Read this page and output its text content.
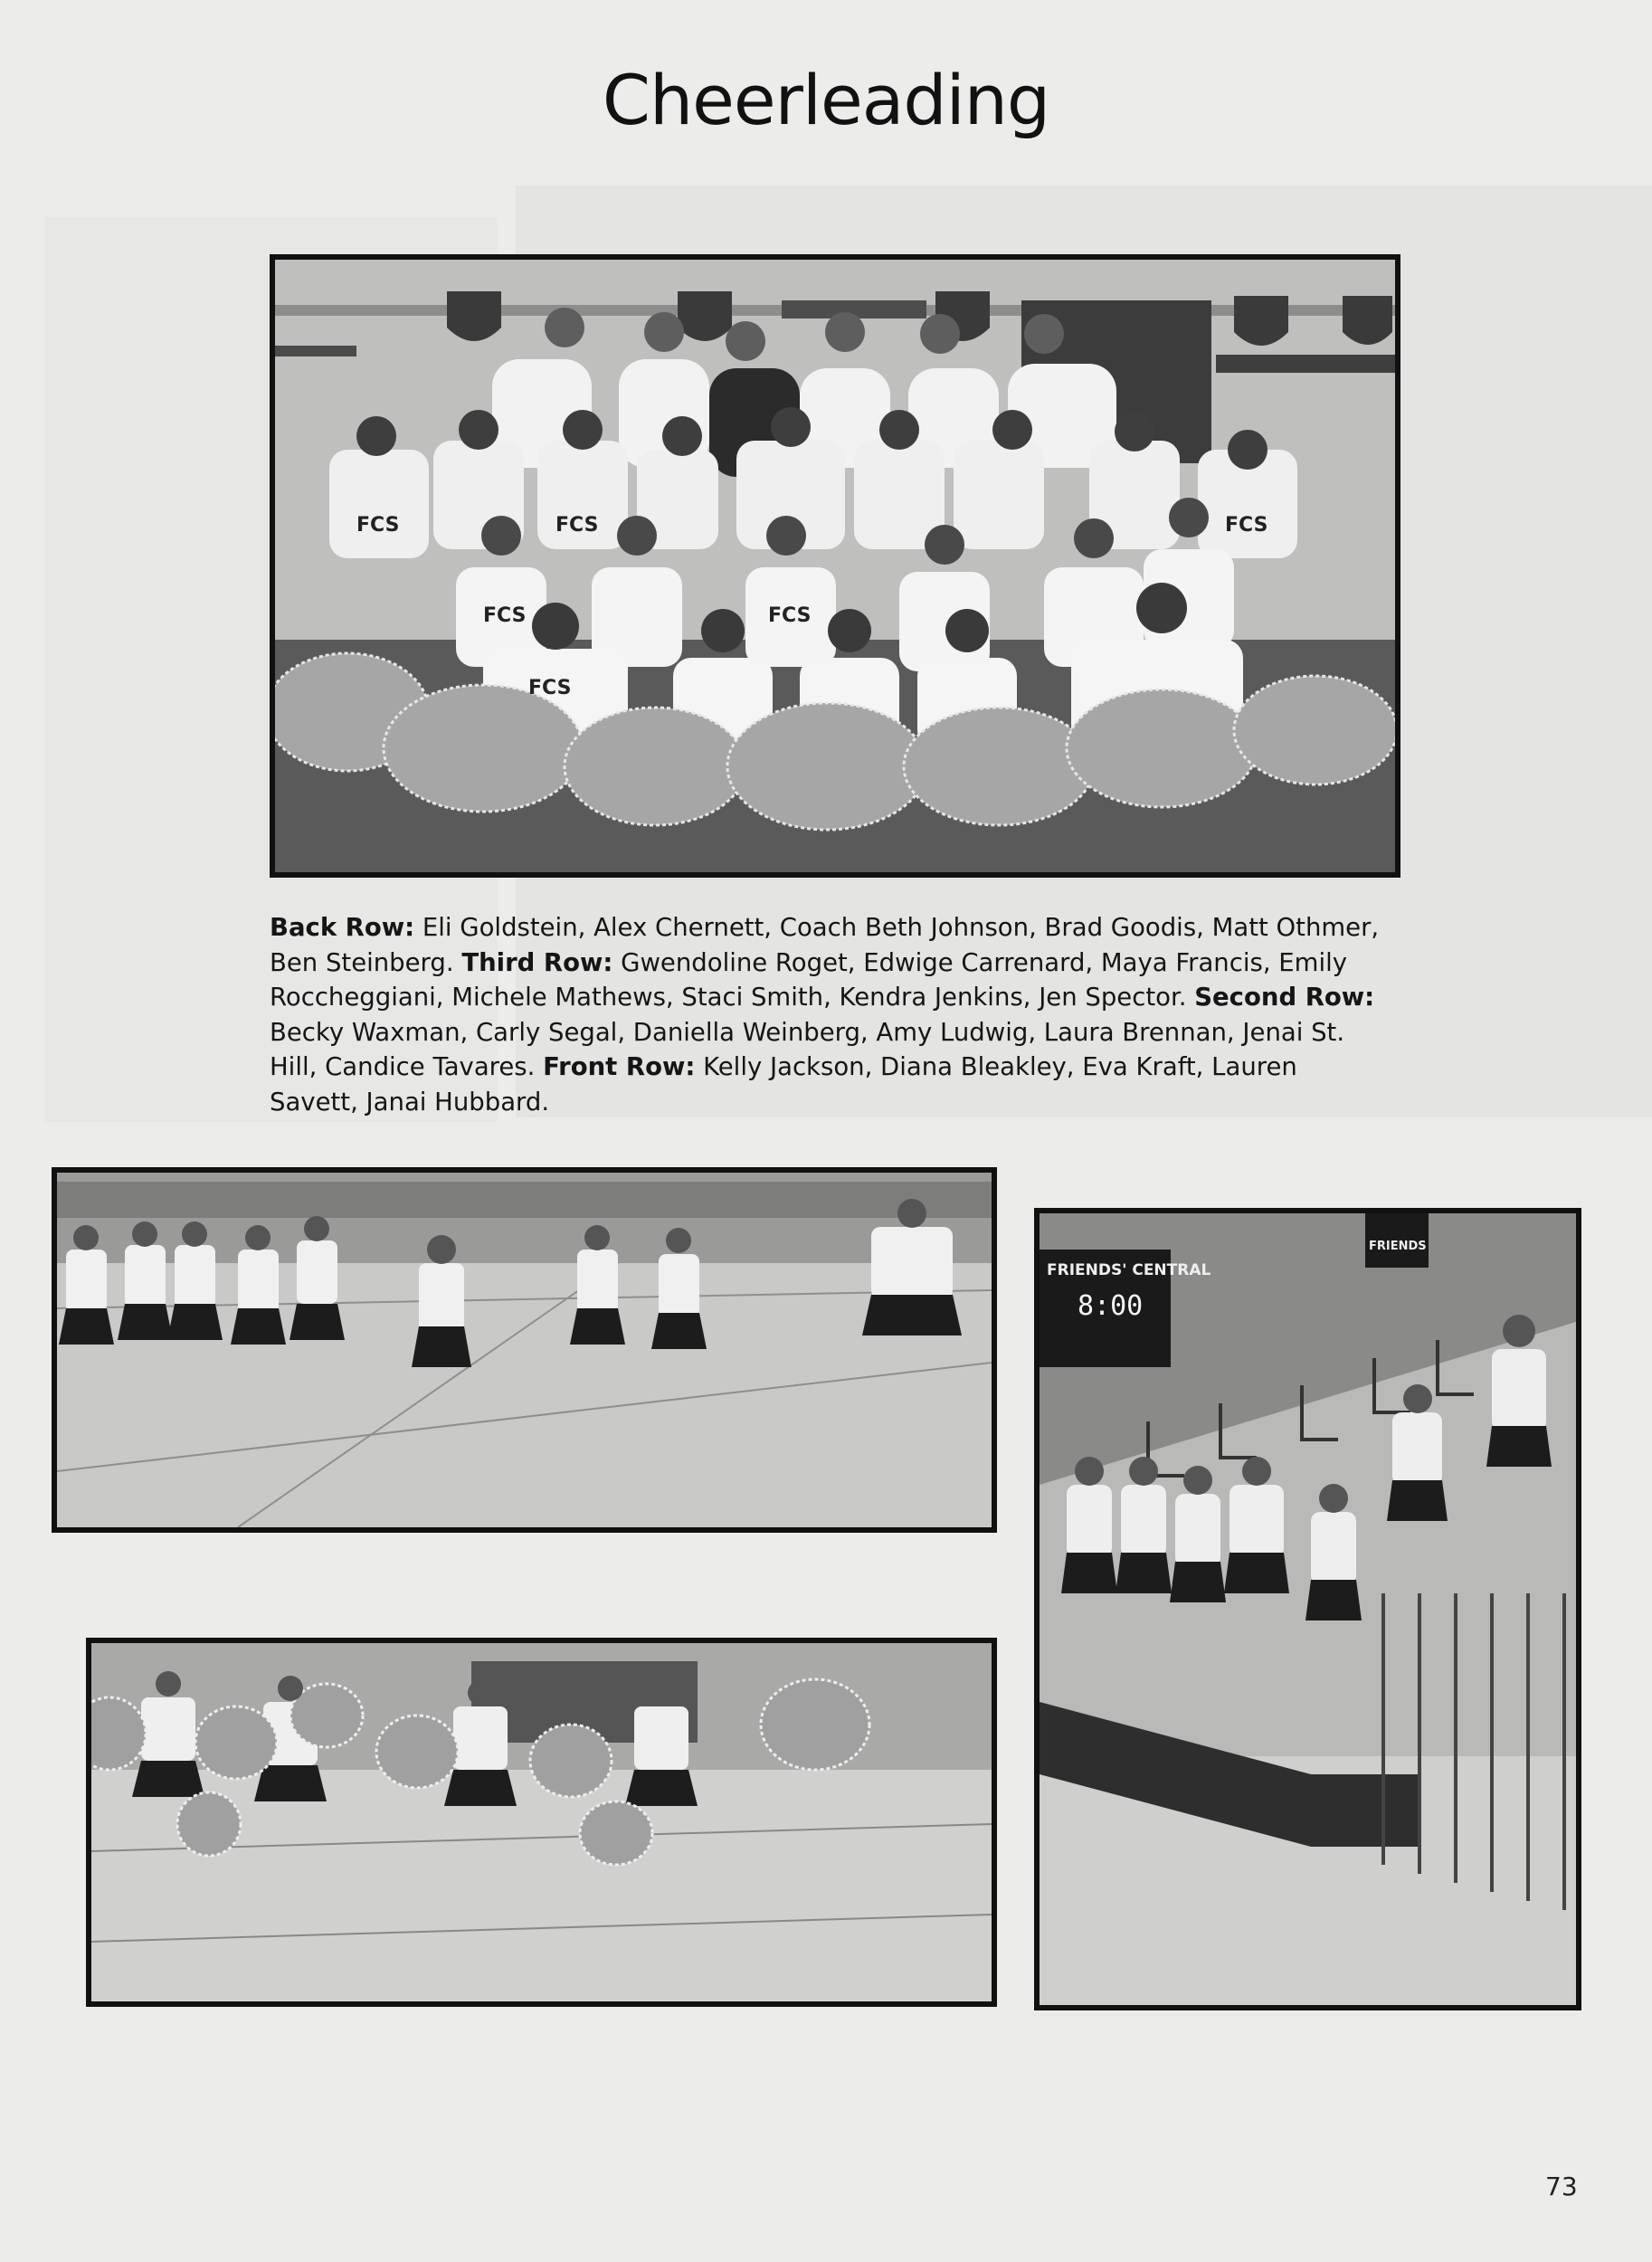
Cheerleading
FCS	FCS
FCS	FCS
FCS
FCS
Back Row: Eli Goldstein, Alex Chernett, Coach Beth Johnson, Brad Goodis, Matt Othmer, Ben Steinberg. Third Row: Gwendoline Roget, Edwige Carrenard, Maya Francis, Emily Roccheggiani, Michele Mathews, Staci Smith, Kendra Jenkins, Jen Spector. Second Row: Becky Waxman, Carly Segal, Daniella Weinberg, Amy Ludwig, Laura Brennan, Jenai St. Hill, Candice Tavares. Front Row: Kelly Jackson, Diana Bleakley, Eva Kraft, Lauren Savett, Janai Hubbard.
FRIENDS' CENTRAL
8:00
FRIENDS
73
